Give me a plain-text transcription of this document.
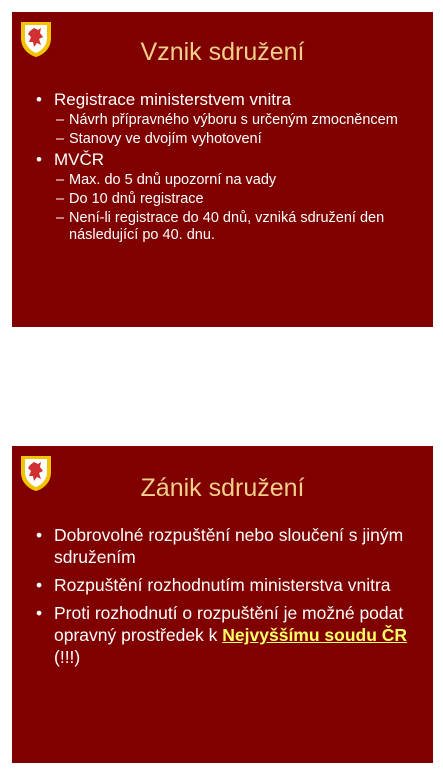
Vznik sdružení
• Registrace ministerstvem vnitra
– Návrh přípravného výboru s určeným zmocněncem
– Stanovy ve dvojím vyhotovení
• MVČR
– Max. do 5 dnů upozorní na vady
– Do 10 dnů registrace
– Není-li registrace do 40 dnů, vzniká sdružení den následující po 40. dnu.
Zánik sdružení
• Dobrovolné rozpuštění nebo sloučení s jiným sdružením
• Rozpuštění rozhodnutím ministerstva vnitra
• Proti rozhodnutí o rozpuštění je možné podat opravný prostředek k Nejvyššímu soudu ČR (!!!)
